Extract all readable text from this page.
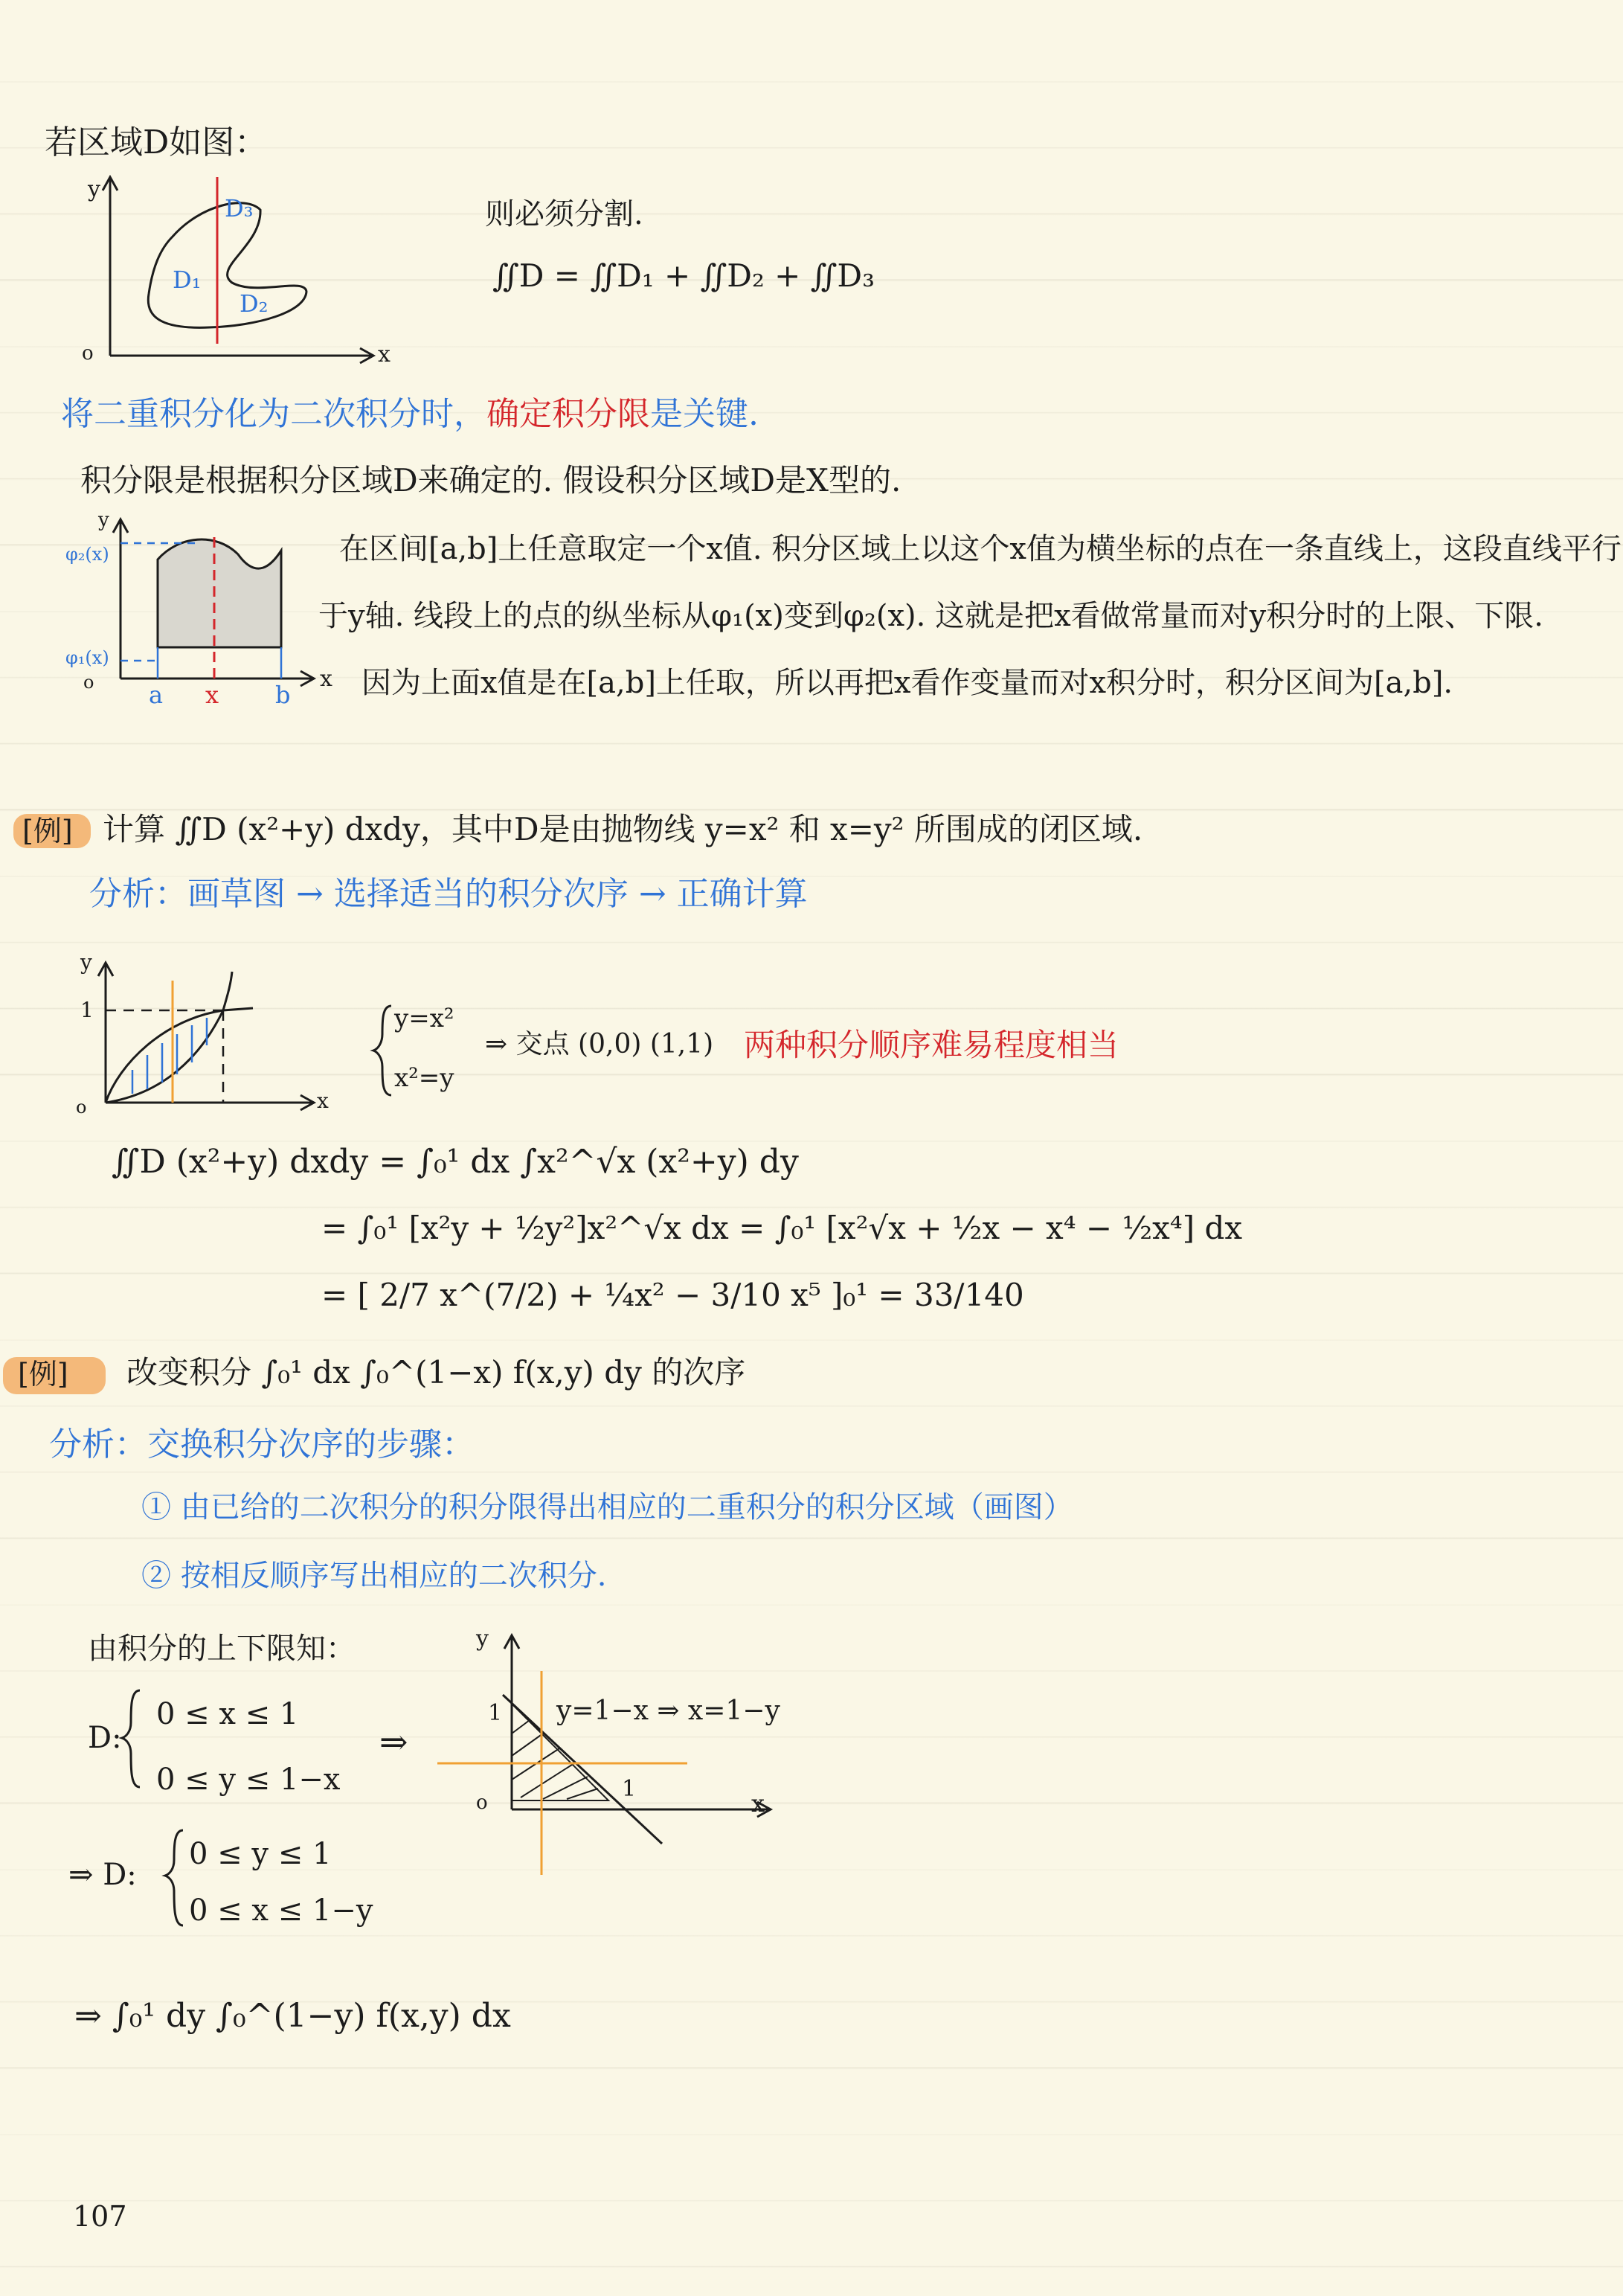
若区域D如图：
y
x
o
D₁
D₂
D₃	则必须分割.
∬D = ∬D₁ + ∬D₂ + ∬D₃
将二重积分化为二次积分时， 确定积分限 是关键.
积分限是根据积分区域D来确定的. 假设积分区域D是X型的.
φ₂(x)
φ₁(x)
y
o a x b
x
在区间[a,b]上任意取定一个x值. 积分区域上以这个x值为横坐标的点在一条直线上，这段直线平行
于y轴. 线段上的点的纵坐标从φ₁(x)变到φ₂(x). 这就是把x看做常量而对y积分时的上限、下限.
因为上面x值是在[a,b]上任取，所以再把x看作变量而对x积分时，积分区间为[a,b].
[例] 计算 ∬D (x²+y) dxdy，其中D是由抛物线 y=x² 和 x=y² 所围成的闭区域.
分析：画草图 → 选择适当的积分次序 → 正确计算
y
1
o	x
y=x²
x²=y
⇒ 交点 (0,0) (1,1) 两种积分顺序难易程度相当
∬D (x²+y) dxdy = ∫₀¹ dx ∫x²^√x (x²+y) dy
= ∫₀¹ [x²y + ½y²]x²^√x dx = ∫₀¹ [x²√x + ½x − x⁴ − ½x⁴] dx
= [ 2/7 x^(7/2) + ¼x² − 3/10 x⁵ ]₀¹ = 33/140
[例] 改变积分 ∫₀¹ dx ∫₀^(1−x) f(x,y) dy 的次序
分析：交换积分次序的步骤：
① 由已给的二次积分的积分限得出相应的二重积分的积分区域（画图）
② 按相反顺序写出相应的二次积分.
由积分的上下限知：
D:
0 ≤ x ≤ 1
0 ≤ y ≤ 1−x
⇒
⇒ D:
0 ≤ y ≤ 1
0 ≤ x ≤ 1−y
⇒ ∫₀¹ dy ∫₀^(1−y) f(x,y) dx
y
1
1
o	x
y=1−x ⇒ x=1−y
107
